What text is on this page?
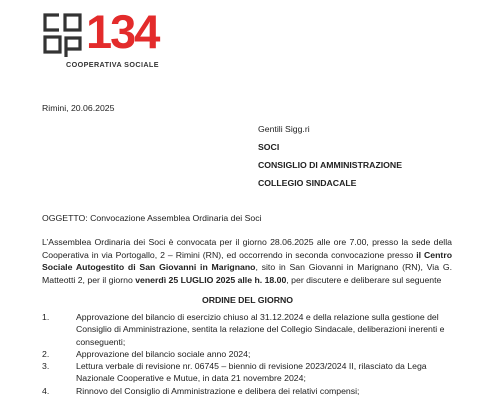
134
COOPERATIVA SOCIALE
Rimini, 20.06.2025
Gentili Sigg.ri
SOCI
CONSIGLIO DI AMMINISTRAZIONE
COLLEGIO SINDACALE
OGGETTO: Convocazione Assemblea Ordinaria dei Soci
L’Assemblea Ordinaria dei Soci è convocata per il giorno 28.06.2025 alle ore 7.00, presso la sede della Cooperativa in via Portogallo, 2 – Rimini (RN), ed occorrendo in seconda convocazione presso il Centro Sociale Autogestito di San Giovanni in Marignano, sito in San Giovanni in Marignano (RN), Via G. Matteotti 2, per il giorno venerdì 25 LUGLIO 2025 alle h. 18.00, per discutere e deliberare sul seguente
ORDINE DEL GIORNO
1.	Approvazione del bilancio di esercizio chiuso al 31.12.2024 e della relazione sulla gestione del Consiglio di Amministrazione, sentita la relazione del Collegio Sindacale, deliberazioni inerenti e conseguenti;
2.	Approvazione del bilancio sociale anno 2024;
3.	Lettura verbale di revisione nr. 06745 – biennio di revisione 2023/2024 II, rilasciato da Lega Nazionale Cooperative e Mutue, in data 21 novembre 2024;
4.	Rinnovo del Consiglio di Amministrazione e delibera dei relativi compensi;
